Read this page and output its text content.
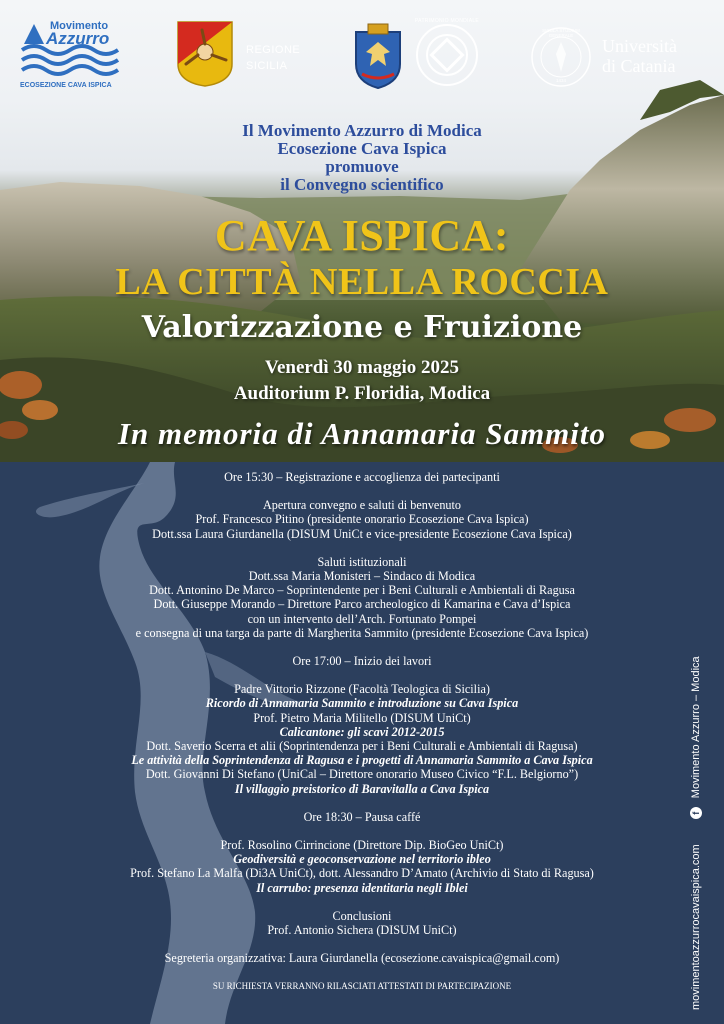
Movimento
Azzurro
ECOSEZIONE CAVA ISPICA
REGIONE
SICILIA
PATRIMONIO MONDIALE
SICULA STUDIUM GENERALE
1434
Università
di Catania
Il Movimento Azzurro di Modica
Ecosezione Cava Ispica
promuove
il Convegno scientifico
CAVA ISPICA:
LA CITTÀ NELLA ROCCIA
Valorizzazione e Fruizione
Venerdì 30 maggio 2025
Auditorium P. Floridia, Modica
In memoria di Annamaria Sammito
Ore 15:30 – Registrazione e accoglienza dei partecipanti
Apertura convegno e saluti di benvenuto
Prof. Francesco Pitino (presidente onorario Ecosezione Cava Ispica)
Dott.ssa Laura Giurdanella (DISUM UniCt e vice-presidente Ecosezione Cava Ispica)
Saluti istituzionali
Dott.ssa Maria Monisteri – Sindaco di Modica
Dott. Antonino De Marco – Soprintendente per i Beni Culturali e Ambientali di Ragusa
Dott. Giuseppe Morando – Direttore Parco archeologico di Kamarina e Cava d’Ispica
con un intervento dell’Arch. Fortunato Pompei
e consegna di una targa da parte di Margherita Sammito (presidente Ecosezione Cava Ispica)
Ore 17:00 – Inizio dei lavori
Padre Vittorio Rizzone (Facoltà Teologica di Sicilia)
Ricordo di Annamaria Sammito e introduzione su Cava Ispica
Prof. Pietro Maria Militello (DISUM UniCt)
Calicantone: gli scavi 2012-2015
Dott. Saverio Scerra et alii (Soprintendenza per i Beni Culturali e Ambientali di Ragusa)
Le attività della Soprintendenza di Ragusa e i progetti di Annamaria Sammito a Cava Ispica
Dott. Giovanni Di Stefano (UniCal – Direttore onorario Museo Civico “F.L. Belgiorno”)
Il villaggio preistorico di Baravitalla a Cava Ispica
Ore 18:30 – Pausa caffé
Prof. Rosolino Cirrincione (Direttore Dip. BioGeo UniCt)
Geodiversità e geoconservazione nel territorio ibleo
Prof. Stefano La Malfa (Di3A UniCt), dott. Alessandro D’Amato (Archivio di Stato di Ragusa)
Il carrubo: presenza identitaria negli Iblei
Conclusioni
Prof. Antonio Sichera (DISUM UniCt)
Segreteria organizzativa: Laura Giurdanella (ecosezione.cavaispica@gmail.com)
SU RICHIESTA VERRANNO RILASCIATI ATTESTATI DI PARTECIPAZIONE	movimentoazzurrocavaispica.com f Movimento Azzurro – Modica
